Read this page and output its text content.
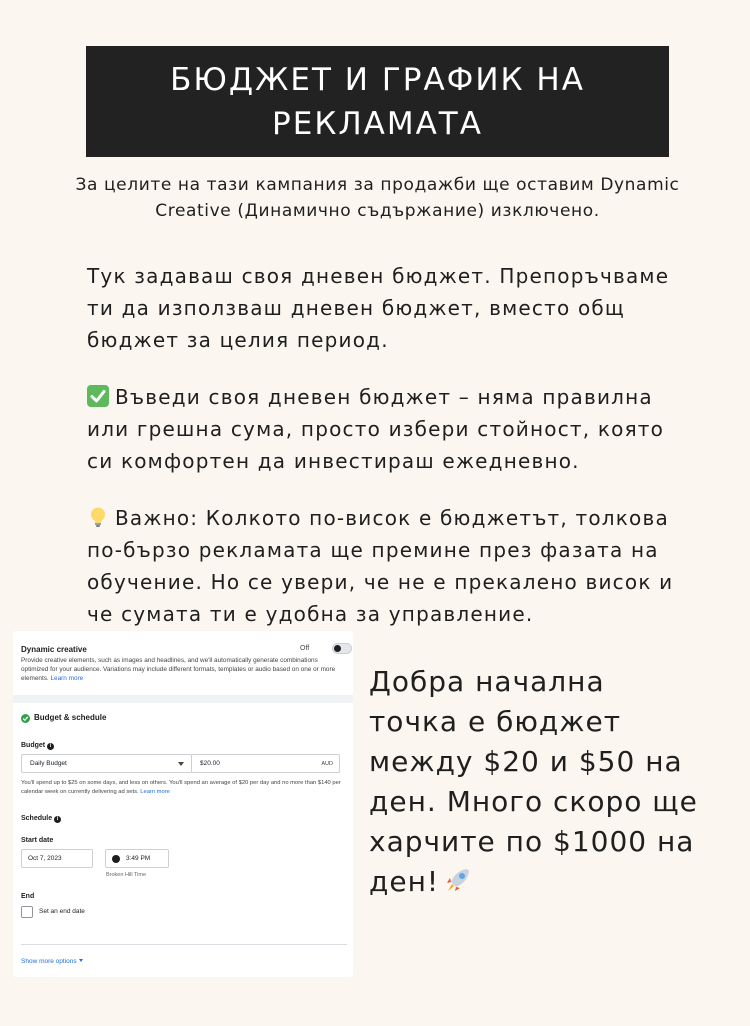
БЮДЖЕТ И ГРАФИК НА
РЕКЛАМАТА
За целите на тази кампания за продажби ще оставим Dynamic Creative (Динамично съдържание) изключено.
Тук задаваш своя дневен бюджет. Препоръчваме ти да използваш дневен бюджет, вместо общ бюджет за целия период.
Въведи своя дневен бюджет – няма правилна или грешна сума, просто избери стойност, която си комфортен да инвестираш ежедневно.
Важно: Колкото по-висок е бюджетът, толкова по-бързо рекламата ще премине през фазата на обучение. Но се увери, че не е прекалено висок и че сумата ти е удобна за управление.
Dynamic creative	Off
Provide creative elements, such as images and headlines, and we'll automatically generate combinations optimized for your audience. Variations may include different formats, templates or audio based on one or more elements. Learn more
Budget & schedule
Budget i
Daily Budget	$20.00	AUD
You'll spend up to $25 on some days, and less on others. You'll spend an average of $20 per day and no more than $140 per calendar week on currently delivering ad sets. Learn more
Schedule i
Start date
Oct 7, 2023	3:49 PM
Broken Hill Time
End
Set an end date
Show more options
Добра начална точка е бюджет между $20 и $50 на ден. Много скоро ще харчите по $1000 на ден!
